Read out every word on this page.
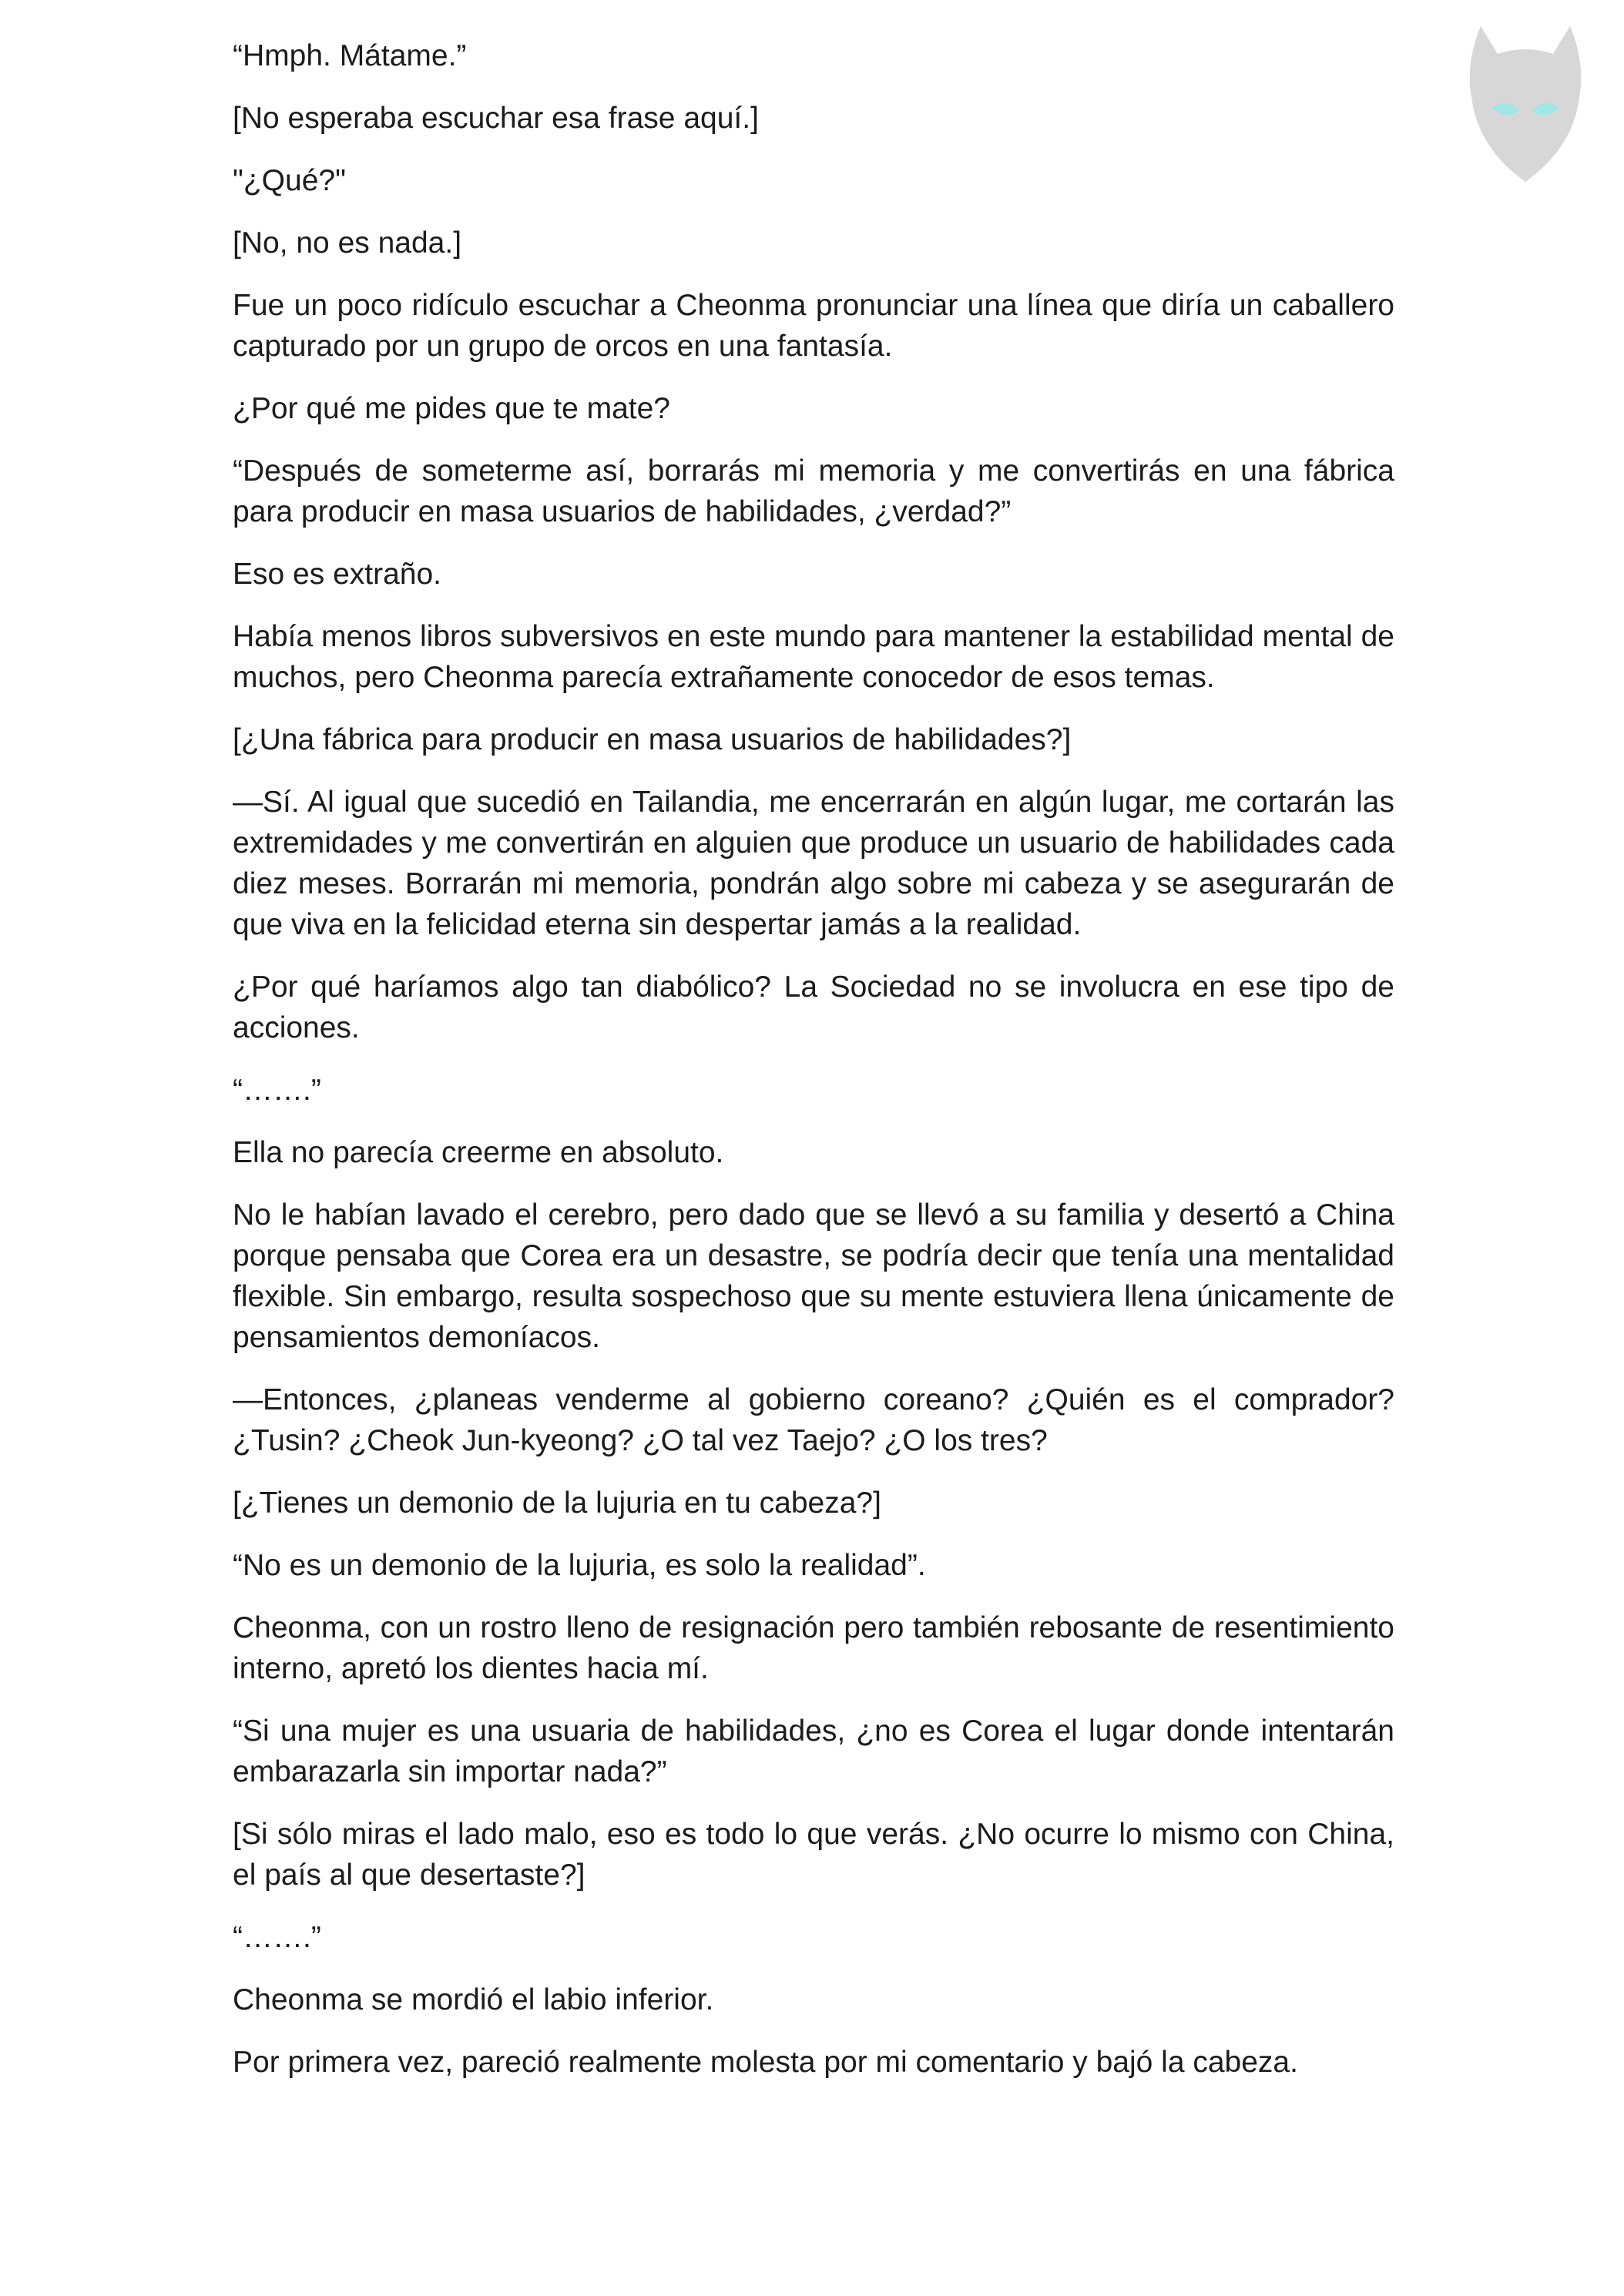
“Hmph. Mátame.”

[No esperaba escuchar esa frase aquí.]

"¿Qué?"

[No, no es nada.]

Fue un poco ridículo escuchar a Cheonma pronunciar una línea que diría un caballero capturado por un grupo de orcos en una fantasía.

¿Por qué me pides que te mate?

“Después de someterme así, borrarás mi memoria y me convertirás en una fábrica para producir en masa usuarios de habilidades, ¿verdad?”

Eso es extraño.

Había menos libros subversivos en este mundo para mantener la estabilidad mental de muchos, pero Cheonma parecía extrañamente conocedor de esos temas.

[¿Una fábrica para producir en masa usuarios de habilidades?]

—Sí. Al igual que sucedió en Tailandia, me encerrarán en algún lugar, me cortarán las extremidades y me convertirán en alguien que produce un usuario de habilidades cada diez meses. Borrarán mi memoria, pondrán algo sobre mi cabeza y se asegurarán de que viva en la felicidad eterna sin despertar jamás a la realidad.

¿Por qué haríamos algo tan diabólico? La Sociedad no se involucra en ese tipo de acciones.

“…….”

Ella no parecía creerme en absoluto.

No le habían lavado el cerebro, pero dado que se llevó a su familia y desertó a China porque pensaba que Corea era un desastre, se podría decir que tenía una mentalidad flexible. Sin embargo, resulta sospechoso que su mente estuviera llena únicamente de pensamientos demoníacos.

—Entonces, ¿planeas venderme al gobierno coreano? ¿Quién es el comprador? ¿Tusin? ¿Cheok Jun-kyeong? ¿O tal vez Taejo? ¿O los tres?

[¿Tienes un demonio de la lujuria en tu cabeza?]

“No es un demonio de la lujuria, es solo la realidad”.

Cheonma, con un rostro lleno de resignación pero también rebosante de resentimiento interno, apretó los dientes hacia mí.

“Si una mujer es una usuaria de habilidades, ¿no es Corea el lugar donde intentarán embarazarla sin importar nada?”

[Si sólo miras el lado malo, eso es todo lo que verás. ¿No ocurre lo mismo con China, el país al que desertaste?]

“…….”

Cheonma se mordió el labio inferior.

Por primera vez, pareció realmente molesta por mi comentario y bajó la cabeza.
